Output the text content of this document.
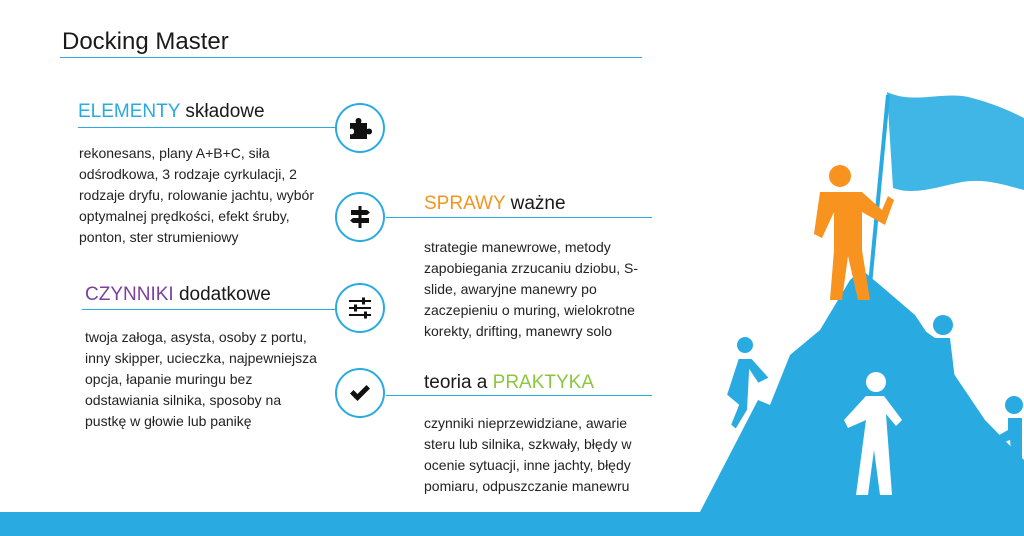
Docking Master
ELEMENTY składowe
rekonesans, plany A+B+C, siła odśrodkowa, 3 rodzaje cyrkulacji, 2 rodzaje dryfu, rolowanie jachtu, wybór optymalnej prędkości, efekt śruby, ponton, ster strumieniowy
CZYNNIKI dodatkowe
twoja załoga, asysta, osoby z portu, inny skipper, ucieczka, najpewniejsza opcja, łapanie muringu bez odstawiania silnika, sposoby na pustkę w głowie lub panikę
SPRAWY ważne
strategie manewrowe, metody zapobiegania zrzucaniu dziobu, S-slide, awaryjne manewry po zaczepieniu o muring, wielokrotne korekty, drifting, manewry solo
teoria a PRAKTYKA
czynniki nieprzewidziane, awarie steru lub silnika, szkwały, błędy w ocenie sytuacji, inne jachty, błędy pomiaru, odpuszczanie manewru
